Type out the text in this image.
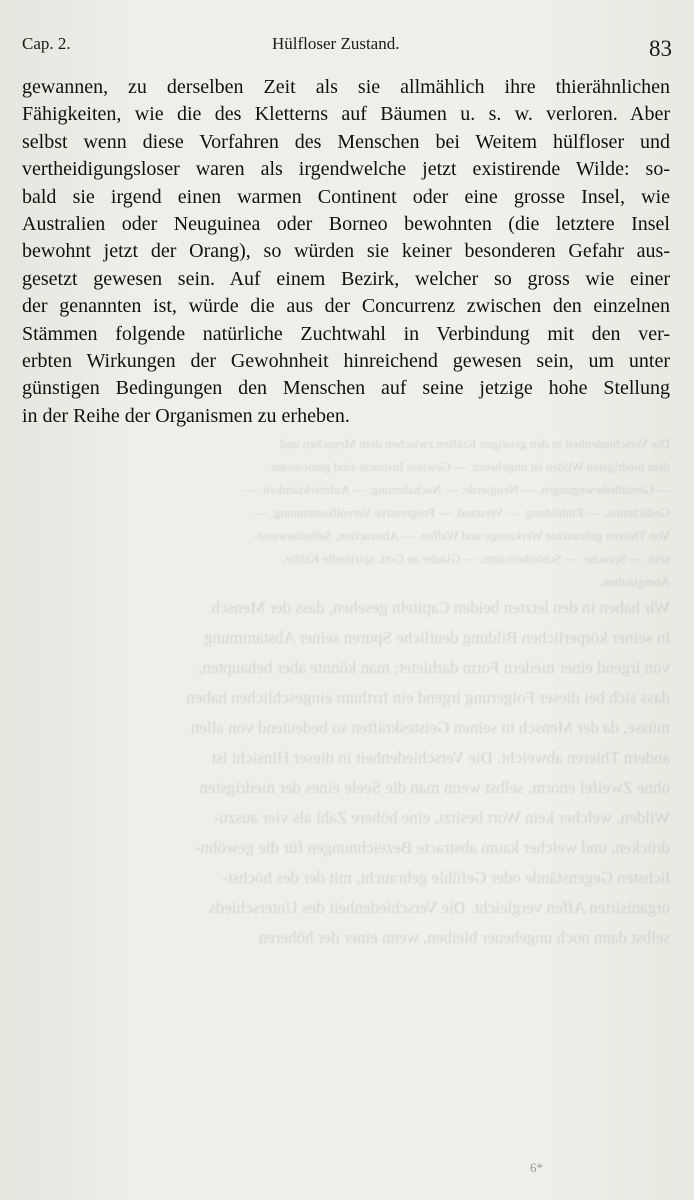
Cap. 2.	Hülfloser Zustand.	83
Die Verschiedenheit in den geistigen Kräften zwischen dem Menschen und
dem niedrigsten Wilden ist ungeheuer. — Gewisse Instincte sind gemeinsam.
— Gemüthsbewegungen. — Neugierde. — Nachahmung. — Aufmerksamkeit. —
Gedächtniss. — Einbildung. — Verstand. — Progressive Vervollkommnung. —
Von Thieren gebrauchte Werkzeuge und Waffen. — Abstraction, Selbstbewusst-
sein. — Sprache. — Schönheitssinn. — Glaube an Gott, spirituelle Kräfte,
Aberglauben.
Wir haben in den letzten beiden Capiteln gesehen, dass der Mensch
in seiner körperlichen Bildung deutliche Spuren seiner Abstammung
von irgend einer niedern Form darbietet; man könnte aber behaupten,
dass sich bei dieser Folgerung irgend ein Irrthum eingeschlichen haben
müsse, da der Mensch in seinen Geisteskräften so bedeutend von allen
andern Thieren abweicht. Die Verschiedenheit in dieser Hinsicht ist
ohne Zweifel enorm, selbst wenn man die Seele eines der niedrigsten
Wilden, welcher kein Wort besitzt, eine höhere Zahl als vier auszu-
drücken, und welcher kaum abstracte Bezeichnungen für die gewöhn-
lichsten Gegenstände oder Gefühle gebraucht, mit der des höchst-
organisirten Affen vergleicht. Die Verschiedenheit des Unterschieds
selbst dann noch ungeheuer bleiben, wenn einer der höheren
gewannen, zu derselben Zeit als sie allmählich ihre thierähnlichen
Fähigkeiten, wie die des Kletterns auf Bäumen u. s. w. verloren. Aber
selbst wenn diese Vorfahren des Menschen bei Weitem hülfloser und
vertheidigungsloser waren als irgendwelche jetzt existirende Wilde: so-
bald sie irgend einen warmen Continent oder eine grosse Insel, wie
Australien oder Neuguinea oder Borneo bewohnten (die letztere Insel
bewohnt jetzt der Orang), so würden sie keiner besonderen Gefahr aus-
gesetzt gewesen sein. Auf einem Bezirk, welcher so gross wie einer
der genannten ist, würde die aus der Concurrenz zwischen den einzelnen
Stämmen folgende natürliche Zuchtwahl in Verbindung mit den ver-
erbten Wirkungen der Gewohnheit hinreichend gewesen sein, um unter
günstigen Bedingungen den Menschen auf seine jetzige hohe Stellung
in der Reihe der Organismen zu erheben.
6*
